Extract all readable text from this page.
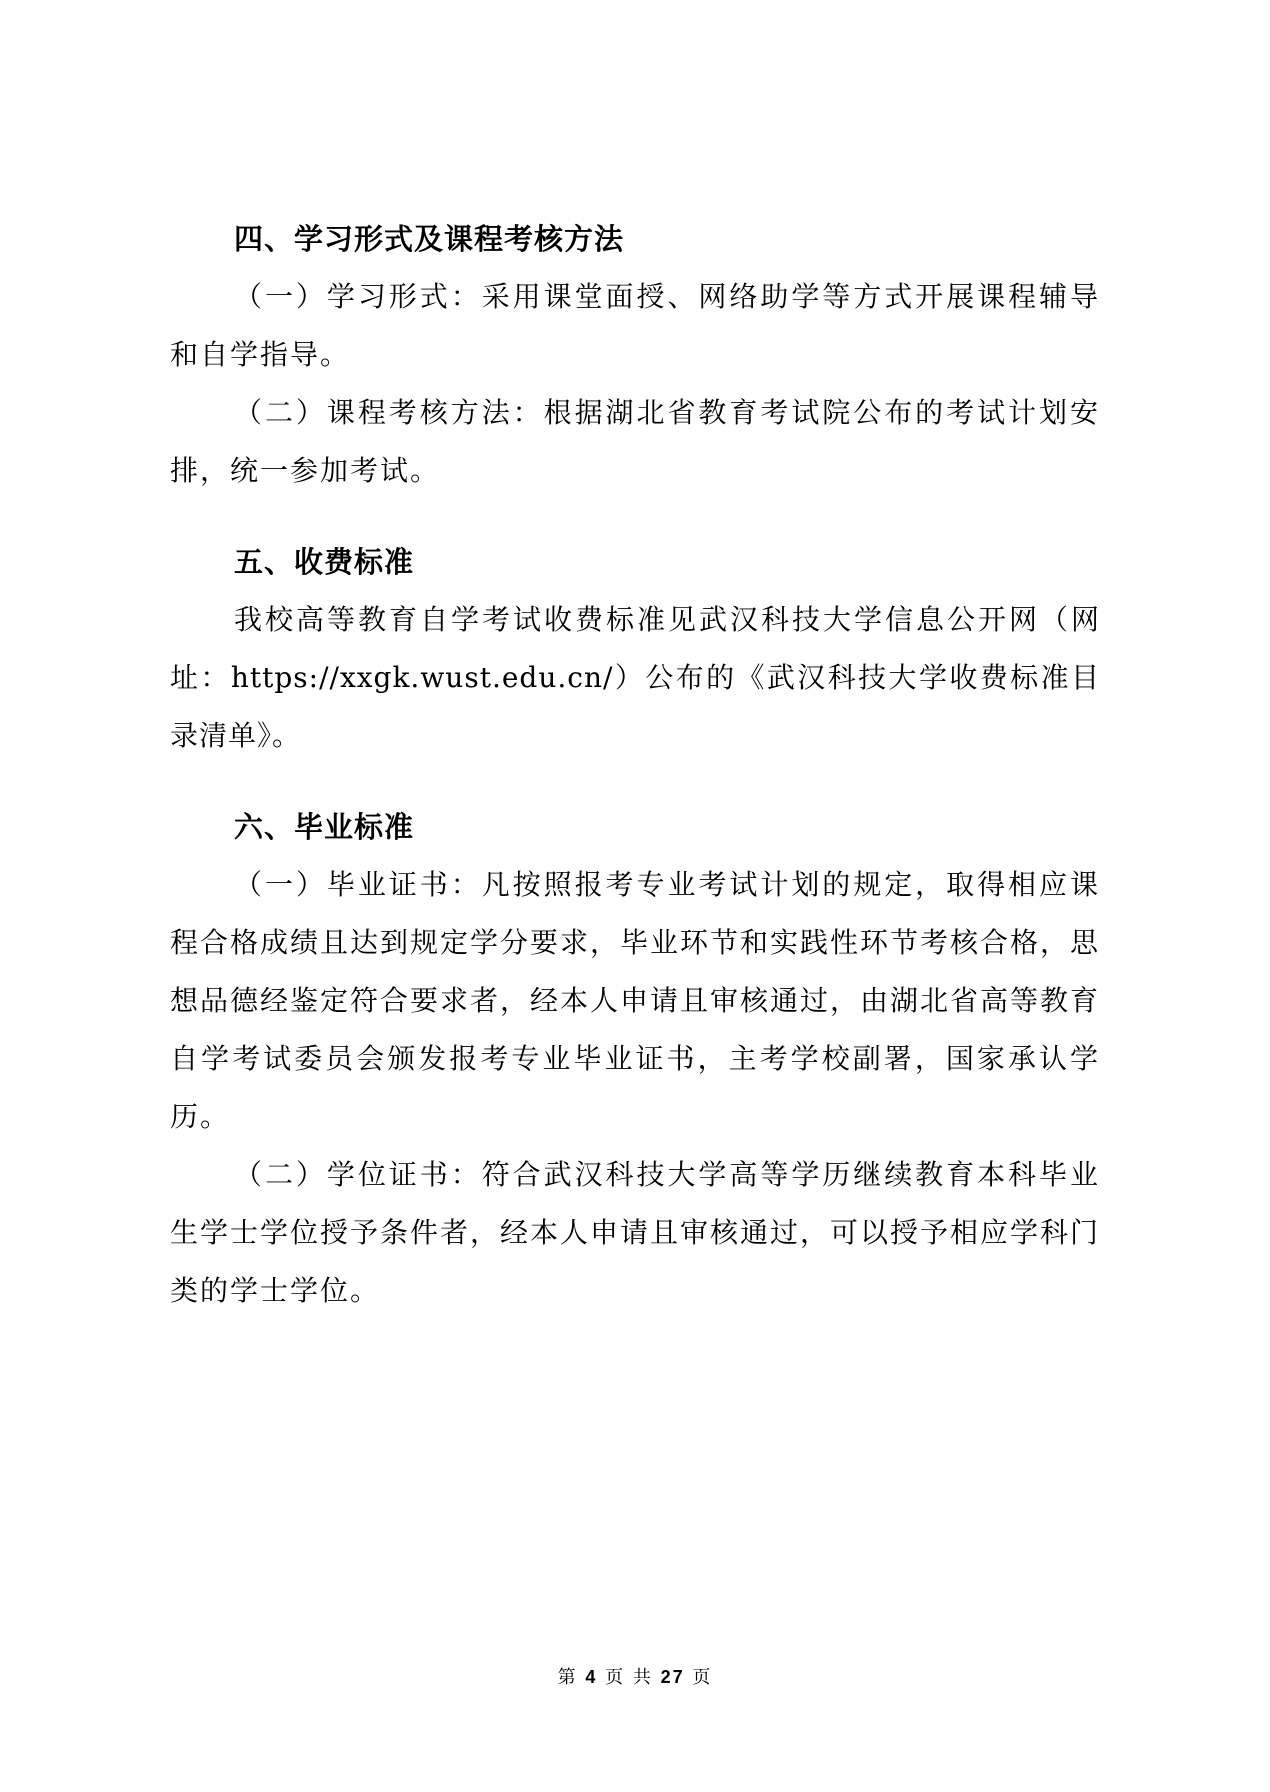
四、学习形式及课程考核方法

（一）学习形式：采用课堂面授、网络助学等方式开展课程辅导和自学指导。

（二）课程考核方法：根据湖北省教育考试院公布的考试计划安排，统一参加考试。

五、收费标准

我校高等教育自学考试收费标准见武汉科技大学信息公开网（网址：https://xxgk.wust.edu.cn/）公布的《武汉科技大学收费标准目录清单》。

六、毕业标准

（一）毕业证书：凡按照报考专业考试计划的规定，取得相应课程合格成绩且达到规定学分要求，毕业环节和实践性环节考核合格，思想品德经鉴定符合要求者，经本人申请且审核通过，由湖北省高等教育自学考试委员会颁发报考专业毕业证书，主考学校副署，国家承认学历。

（二）学位证书：符合武汉科技大学高等学历继续教育本科毕业生学士学位授予条件者，经本人申请且审核通过，可以授予相应学科门类的学士学位。

第 4 页 共 27 页
